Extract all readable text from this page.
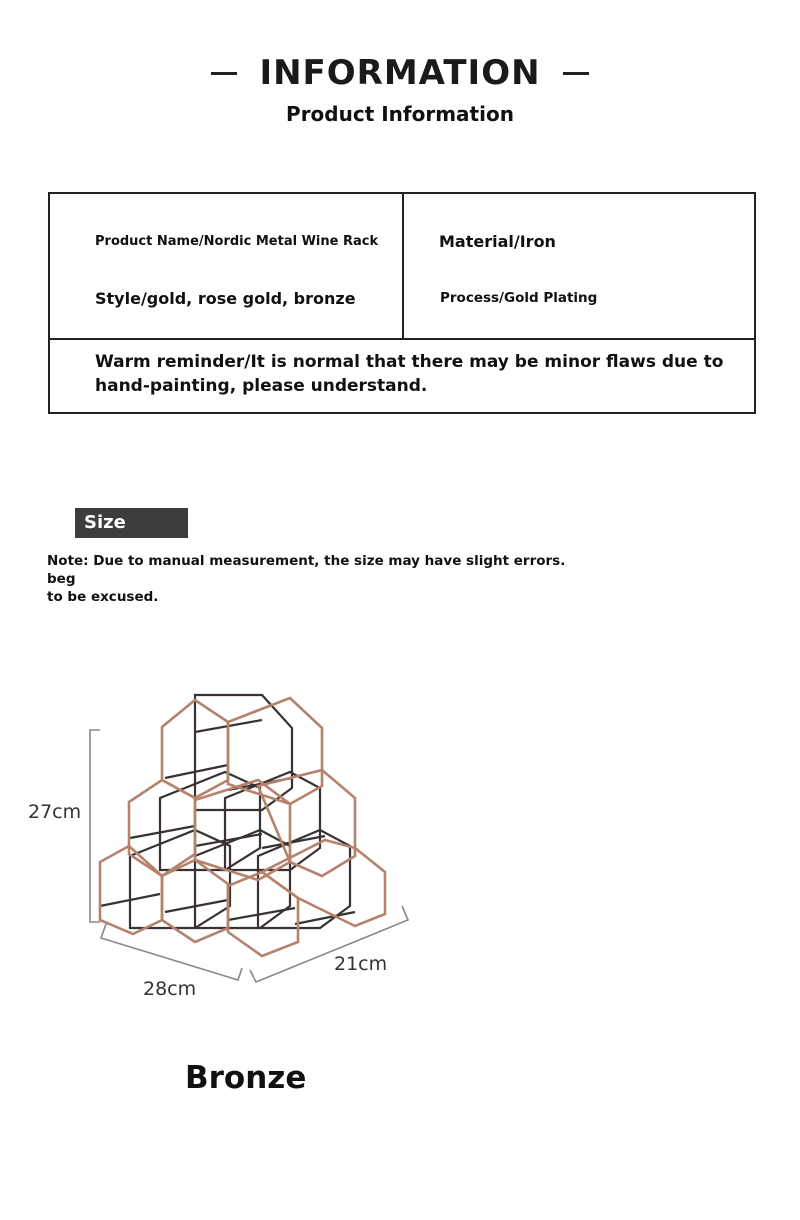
INFORMATION
Product Information
Product Name/Nordic Metal Wine Rack
Style/gold, rose gold, bronze

Material/Iron
Process/Gold Plating

Warm reminder/It is normal that there may be minor flaws due to
hand-painting, please understand.
Size
Note: Due to manual measurement, the size may have slight errors. beg
to be excused.
27cm
28cm
21cm
Bronze
